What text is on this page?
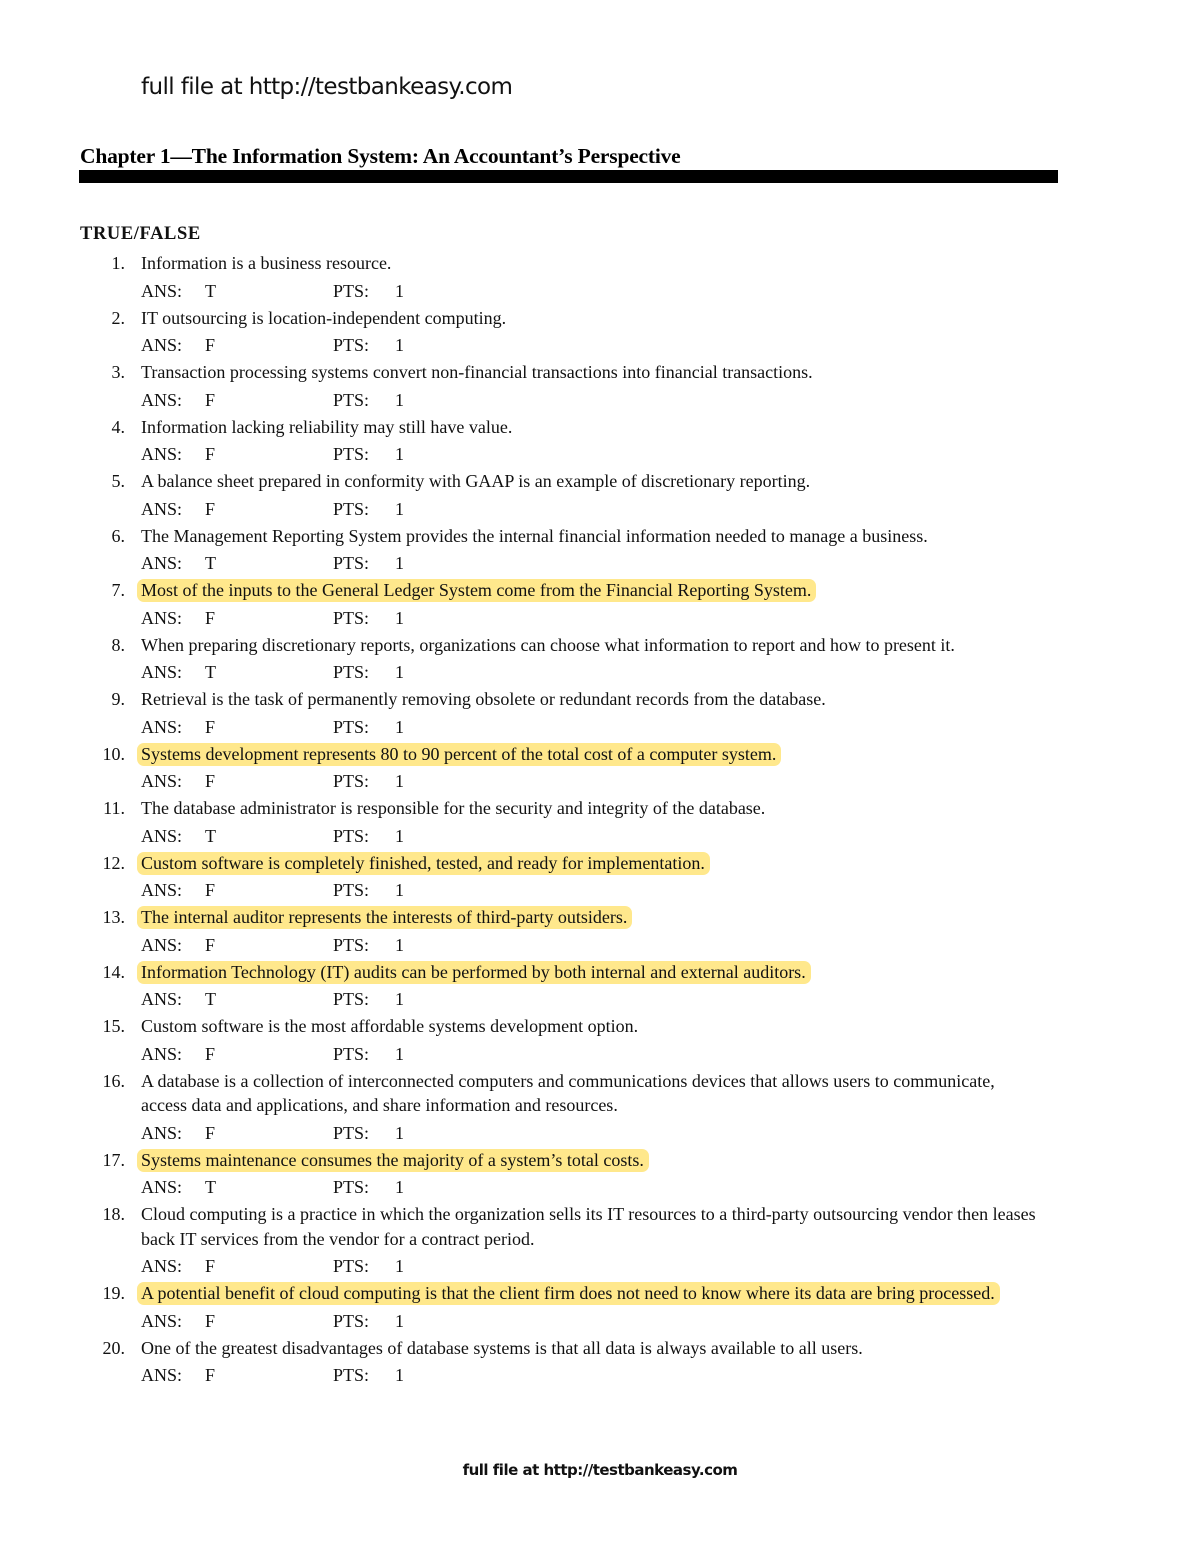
full file at http://testbankeasy.com
Chapter 1—The Information System: An Accountant’s Perspective
TRUE/FALSE
1. Information is a business resource.
ANS: T	PTS: 1
2. IT outsourcing is location-independent computing.
ANS: F	PTS: 1
3. Transaction processing systems convert non-financial transactions into financial transactions.
ANS: F	PTS: 1
4. Information lacking reliability may still have value.
ANS: F	PTS: 1
5. A balance sheet prepared in conformity with GAAP is an example of discretionary reporting.
ANS: F	PTS: 1
6. The Management Reporting System provides the internal financial information needed to manage a business.
ANS: T	PTS: 1
7. Most of the inputs to the General Ledger System come from the Financial Reporting System.
ANS: F	PTS: 1
8. When preparing discretionary reports, organizations can choose what information to report and how to present it.
ANS: T	PTS: 1
9. Retrieval is the task of permanently removing obsolete or redundant records from the database.
ANS: F	PTS: 1
10. Systems development represents 80 to 90 percent of the total cost of a computer system.
ANS: F	PTS: 1
11. The database administrator is responsible for the security and integrity of the database.
ANS: T	PTS: 1
12. Custom software is completely finished, tested, and ready for implementation.
ANS: F	PTS: 1
13. The internal auditor represents the interests of third-party outsiders.
ANS: F	PTS: 1
14. Information Technology (IT) audits can be performed by both internal and external auditors.
ANS: T	PTS: 1
15. Custom software is the most affordable systems development option.
ANS: F	PTS: 1
16. A database is a collection of interconnected computers and communications devices that allows users to communicate, access data and applications, and share information and resources.
ANS: F	PTS: 1
17. Systems maintenance consumes the majority of a system’s total costs.
ANS: T	PTS: 1
18. Cloud computing is a practice in which the organization sells its IT resources to a third-party outsourcing vendor then leases back IT services from the vendor for a contract period.
ANS: F	PTS: 1
19. A potential benefit of cloud computing is that the client firm does not need to know where its data are bring processed.
ANS: F	PTS: 1
20. One of the greatest disadvantages of database systems is that all data is always available to all users.
ANS: F	PTS: 1
full file at http://testbankeasy.com
